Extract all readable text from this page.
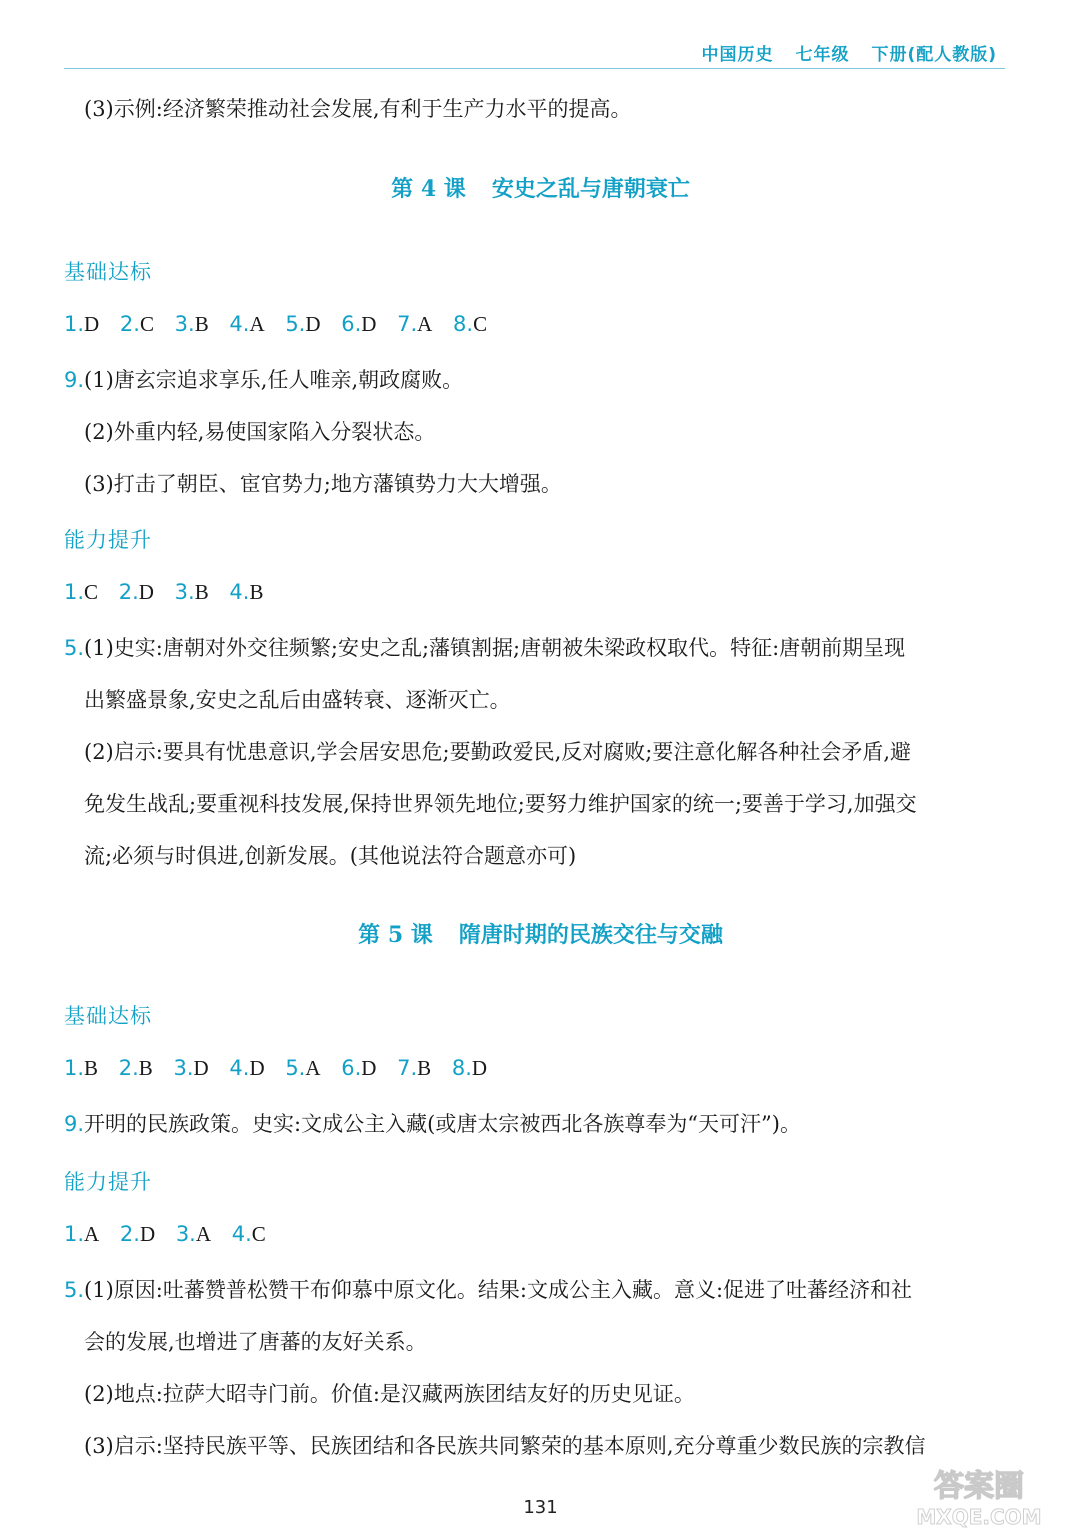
中国历史 七年级 下册(配人教版)
(3)示例:经济繁荣推动社会发展,有利于生产力水平的提高。
第 4 课 安史之乱与唐朝衰亡
基础达标
1.D 2.C 3.B 4.A 5.D 6.D 7.A 8.C
9.(1)唐玄宗追求享乐,任人唯亲,朝政腐败。
(2)外重内轻,易使国家陷入分裂状态。
(3)打击了朝臣、宦官势力;地方藩镇势力大大增强。
能力提升
1.C 2.D 3.B 4.B
5.(1)史实:唐朝对外交往频繁;安史之乱;藩镇割据;唐朝被朱梁政权取代。特征:唐朝前期呈现
出繁盛景象,安史之乱后由盛转衰、逐渐灭亡。
(2)启示:要具有忧患意识,学会居安思危;要勤政爱民,反对腐败;要注意化解各种社会矛盾,避
免发生战乱;要重视科技发展,保持世界领先地位;要努力维护国家的统一;要善于学习,加强交
流;必须与时俱进,创新发展。(其他说法符合题意亦可)
第 5 课 隋唐时期的民族交往与交融
基础达标
1.B 2.B 3.D 4.D 5.A 6.D 7.B 8.D
9.开明的民族政策。史实:文成公主入藏(或唐太宗被西北各族尊奉为“天可汗”)。
能力提升
1.A 2.D 3.A 4.C
5.(1)原因:吐蕃赞普松赞干布仰慕中原文化。结果:文成公主入藏。意义:促进了吐蕃经济和社
会的发展,也增进了唐蕃的友好关系。
(2)地点:拉萨大昭寺门前。价值:是汉藏两族团结友好的历史见证。
(3)启示:坚持民族平等、民族团结和各民族共同繁荣的基本原则,充分尊重少数民族的宗教信
131
答案圈
MXQE.COM
